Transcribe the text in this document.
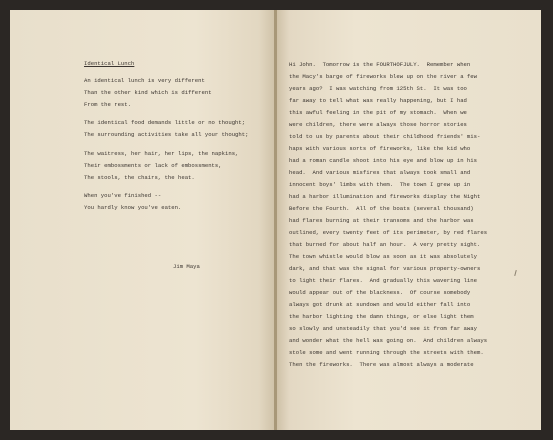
Identical Lunch
An identical lunch is very different
Than the other kind which is different
From the rest.
The identical food demands little or no thought;
The surrounding activities take all your thought;
The waitress, her hair, her lips, the napkins,
Their embossments or lack of embossments,
The stools, the chairs, the heat.
When you've finished --
You hardly know you've eaten.
Jim Maya
Hi John.  Tomorrow is the FOURTHOFJULY.  Remember when
the Macy's barge of fireworks blew up on the river a few
years ago?  I was watching from 125th St.  It was too
far away to tell what was really happening, but I had
this awful feeling in the pit of my stomach.  When we
were children, there were always those horror stories
told to us by parents about their childhood friends' mis-
haps with various sorts of fireworks, like the kid who
had a roman candle shoot into his eye and blow up in his
head.  And various misfires that always took small and
innocent boys' limbs with them.  The town I grew up in
had a harbor illumination and fireworks display the Night
Before the Fourth.  All of the boats (several thousand)
had flares burning at their transoms and the harbor was
outlined, every twenty feet of its perimeter, by red flares
that burned for about half an hour.  A very pretty sight.
The town whistle would blow as soon as it was absolutely
dark, and that was the signal for various property-owners
to light their flares.  And gradually this wavering line
would appear out of the blackness.  Of course somebody
always got drunk at sundown and would either fall into
the harbor lighting the damn things, or else light them
so slowly and unsteadily that you'd see it from far away
and wonder what the hell was going on.  And children always
stole some and went running through the streets with them.
Then the fireworks.  There was almost always a moderate
